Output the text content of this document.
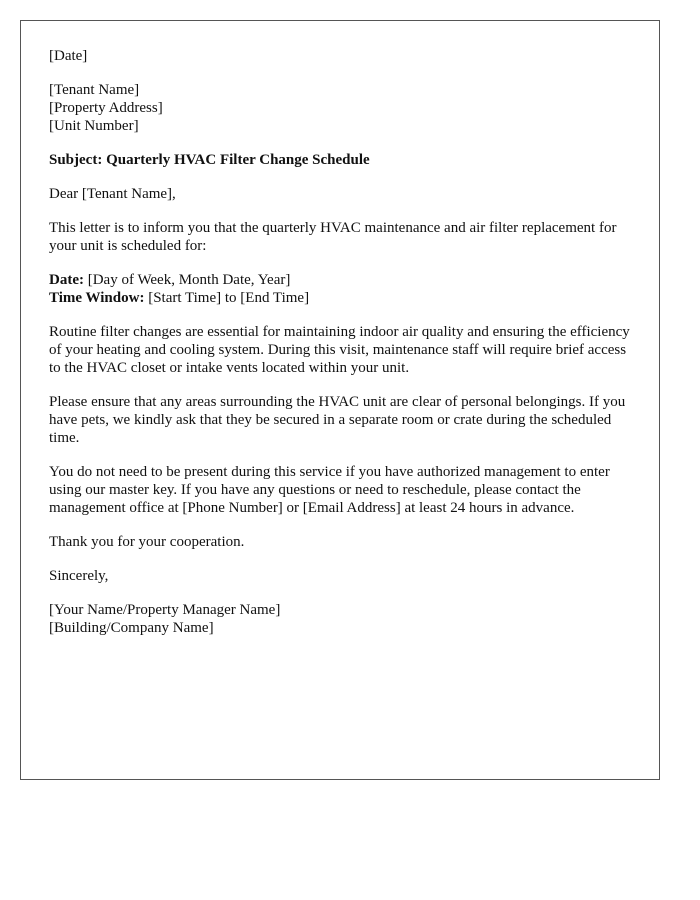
[Date]

[Tenant Name]
[Property Address]
[Unit Number]

Subject: Quarterly HVAC Filter Change Schedule

Dear [Tenant Name],

This letter is to inform you that the quarterly HVAC maintenance and air filter replacement for your unit is scheduled for:

Date: [Day of Week, Month Date, Year]
Time Window: [Start Time] to [End Time]

Routine filter changes are essential for maintaining indoor air quality and ensuring the efficiency of your heating and cooling system. During this visit, maintenance staff will require brief access to the HVAC closet or intake vents located within your unit.

Please ensure that any areas surrounding the HVAC unit are clear of personal belongings. If you have pets, we kindly ask that they be secured in a separate room or crate during the scheduled time.

You do not need to be present during this service if you have authorized management to enter using our master key. If you have any questions or need to reschedule, please contact the management office at [Phone Number] or [Email Address] at least 24 hours in advance.

Thank you for your cooperation.

Sincerely,

[Your Name/Property Manager Name]
[Building/Company Name]
